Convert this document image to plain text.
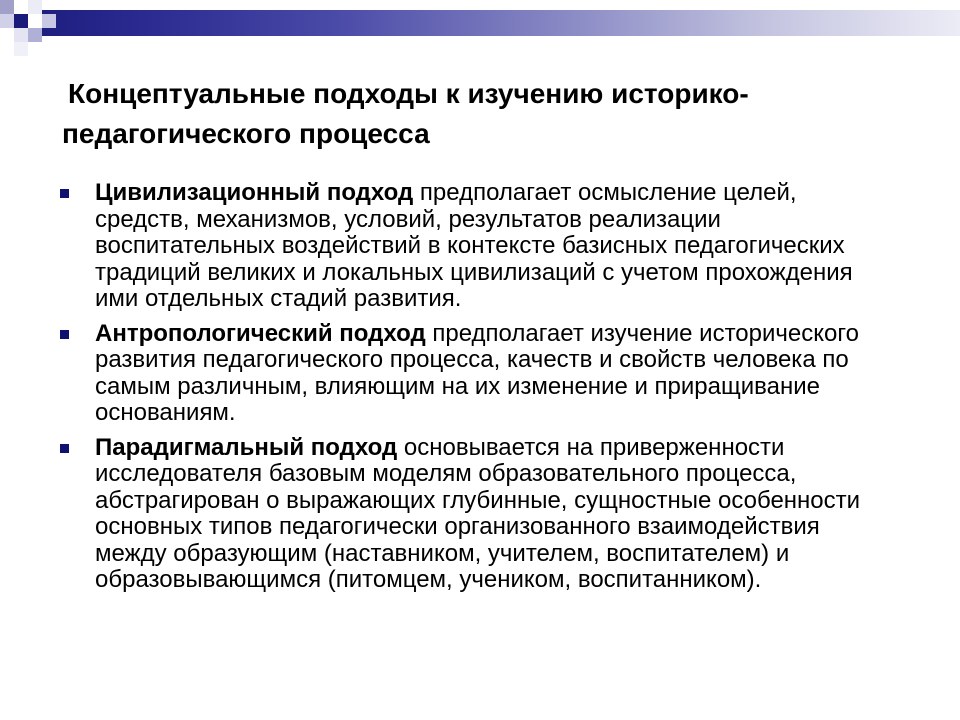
Концептуальные подходы к изучению историко-
педагогического процесса
Цивилизационный подход предполагает осмысление целей, средств, механизмов, условий, результатов реализации воспитательных воздействий в контексте базисных педагогических традиций великих и локальных цивилизаций с учетом прохождения ими отдельных стадий развития.
Антропологический подход предполагает изучение исторического развития педагогического процесса, качеств и свойств человека по самым различным, влияющим на их изменение и приращивание основаниям.
Парадигмальный подход основывается на приверженности исследователя базовым моделям образовательного процесса, абстрагирован о выражающих глубинные, сущностные особенности основных типов педагогически организованного взаимодействия между образующим (наставником, учителем, воспитателем) и образовывающимся (питомцем, учеником, воспитанником).
